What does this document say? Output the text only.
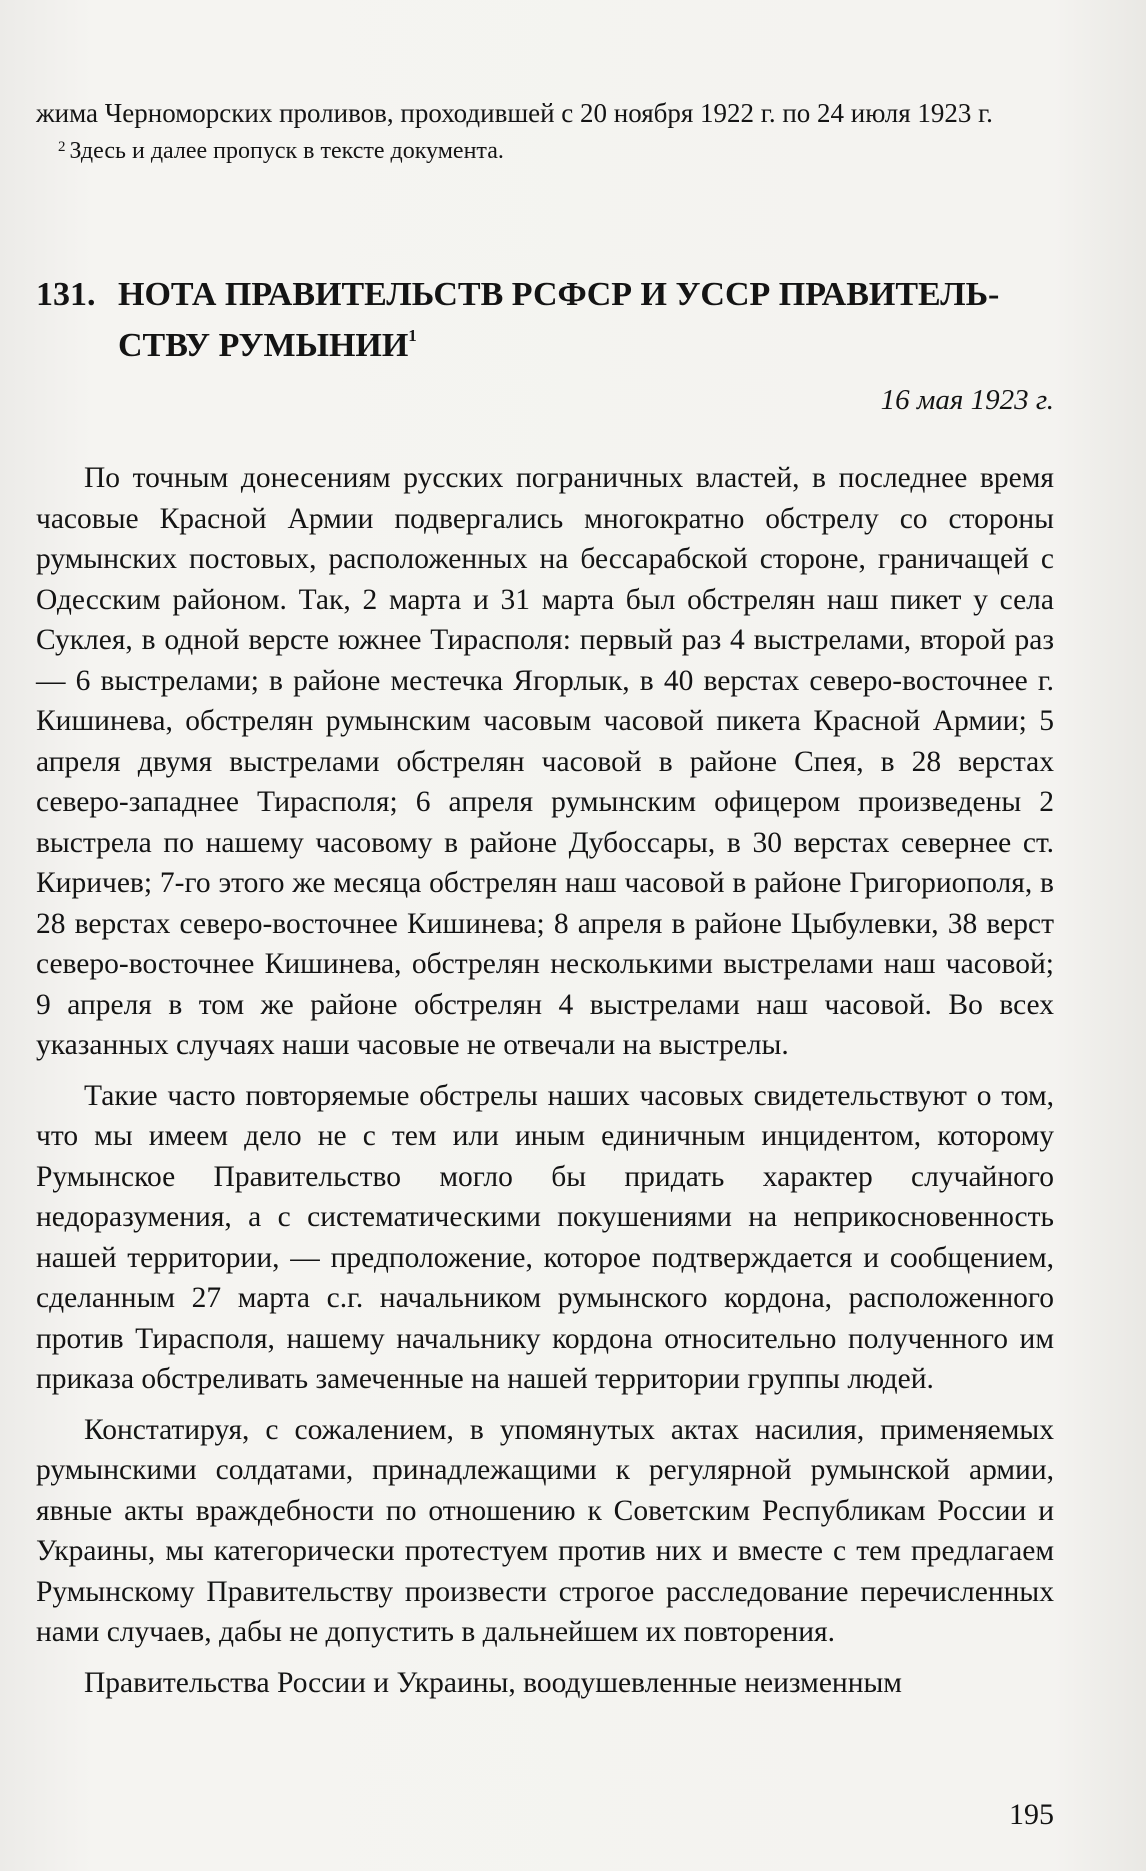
жима Черноморских проливов, проходившей с 20 ноября 1922 г. по 24 июля 1923 г.

$^2$ Здесь и далее пропуск в тексте документа.

131. НОТА ПРАВИТЕЛЬСТВ РСФСР И УССР ПРАВИТЕЛЬ-
СТВУ РУМЫНИИ$^1$
16 мая 1923 г.

По точным донесениям русских пограничных властей, в последнее время часовые Красной Армии подвергались многократно обстрелу со стороны румынских постовых, расположенных на бессарабской стороне, граничащей с Одесским районом. Так, 2 марта и 31 марта был обстрелян наш пикет у села Суклея, в одной версте южнее Тирасполя: первый раз 4 выстрелами, второй раз — 6 выстрелами; в районе местечка Ягорлык, в 40 верстах северо-восточнее г. Кишинева, обстрелян румынским часовым часовой пикета Красной Армии; 5 апреля двумя выстрелами обстрелян часовой в районе Спея, в 28 верстах северо-западнее Тирасполя; 6 апреля румынским офицером произведены 2 выстрела по нашему часовому в районе Дубоссары, в 30 верстах севернее ст. Киричев; 7-го этого же месяца обстрелян наш часовой в районе Григориополя, в 28 верстах северо-восточнее Кишинева; 8 апреля в районе Цыбулевки, 38 верст северо-восточнее Кишинева, обстрелян несколькими выстрелами наш часовой; 9 апреля в том же районе обстрелян 4 выстрелами наш часовой. Во всех указанных случаях наши часовые не отвечали на выстрелы.

Такие часто повторяемые обстрелы наших часовых свидетельствуют о том, что мы имеем дело не с тем или иным единичным инцидентом, которому Румынское Правительство могло бы придать характер случайного недоразумения, а с систематическими покушениями на неприкосновенность нашей территории, — предположение, которое подтверждается и сообщением, сделанным 27 марта с.г. начальником румынского кордона, расположенного против Тирасполя, нашему начальнику кордона относительно полученного им приказа обстреливать замеченные на нашей территории группы людей.

Констатируя, с сожалением, в упомянутых актах насилия, применяемых румынскими солдатами, принадлежащими к регулярной румынской армии, явные акты враждебности по отношению к Советским Республикам России и Украины, мы категорически протестуем против них и вместе с тем предлагаем Румынскому Правительству произвести строгое расследование перечисленных нами случаев, дабы не допустить в дальнейшем их повторения.

Правительства России и Украины, воодушевленные неизменным

195
